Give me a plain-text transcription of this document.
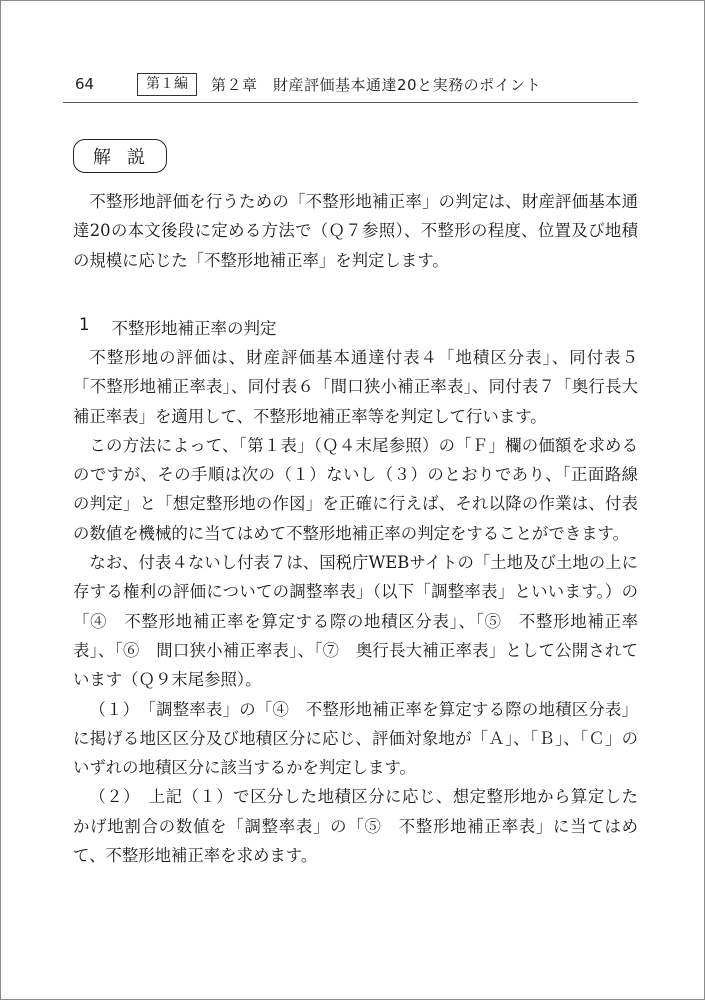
64	第１編	第２章　財産評価基本通達20と実務のポイント
解説

不整形地評価を行うための「不整形地補正率」の判定は、財産評価基本通達20の本文後段に定める方法で（Ｑ７参照）、不整形の程度、位置及び地積の規模に応じた「不整形地補正率」を判定します。

1 不整形地補正率の判定

不整形地の評価は、財産評価基本通達付表４「地積区分表」、同付表５「不整形地補正率表」、同付表６「間口狭小補正率表」、同付表７「奥行長大補正率表」を適用して、不整形地補正率等を判定して行います。

この方法によって、「第１表」（Ｑ４末尾参照）の「Ｆ」欄の価額を求めるのですが、その手順は次の（１）ないし（３）のとおりであり、「正面路線の判定」と「想定整形地の作図」を正確に行えば、それ以降の作業は、付表の数値を機械的に当てはめて不整形地補正率の判定をすることができます。

なお、付表４ないし付表７は、国税庁WEBサイトの「土地及び土地の上に存する権利の評価についての調整率表」（以下「調整率表」といいます。）の「④　不整形地補正率を算定する際の地積区分表」、「⑤　不整形地補正率表」、「⑥　間口狭小補正率表」、「⑦　奥行長大補正率表」として公開されています（Ｑ９末尾参照）。

（１）　「調整率表」の「④　不整形地補正率を算定する際の地積区分表」に掲げる地区区分及び地積区分に応じ、評価対象地が「Ａ」、「Ｂ」、「Ｃ」のいずれの地積区分に該当するかを判定します。

（２）　上記（１）で区分した地積区分に応じ、想定整形地から算定したかげ地割合の数値を「調整率表」の「⑤　不整形地補正率表」に当てはめて、不整形地補正率を求めます。
